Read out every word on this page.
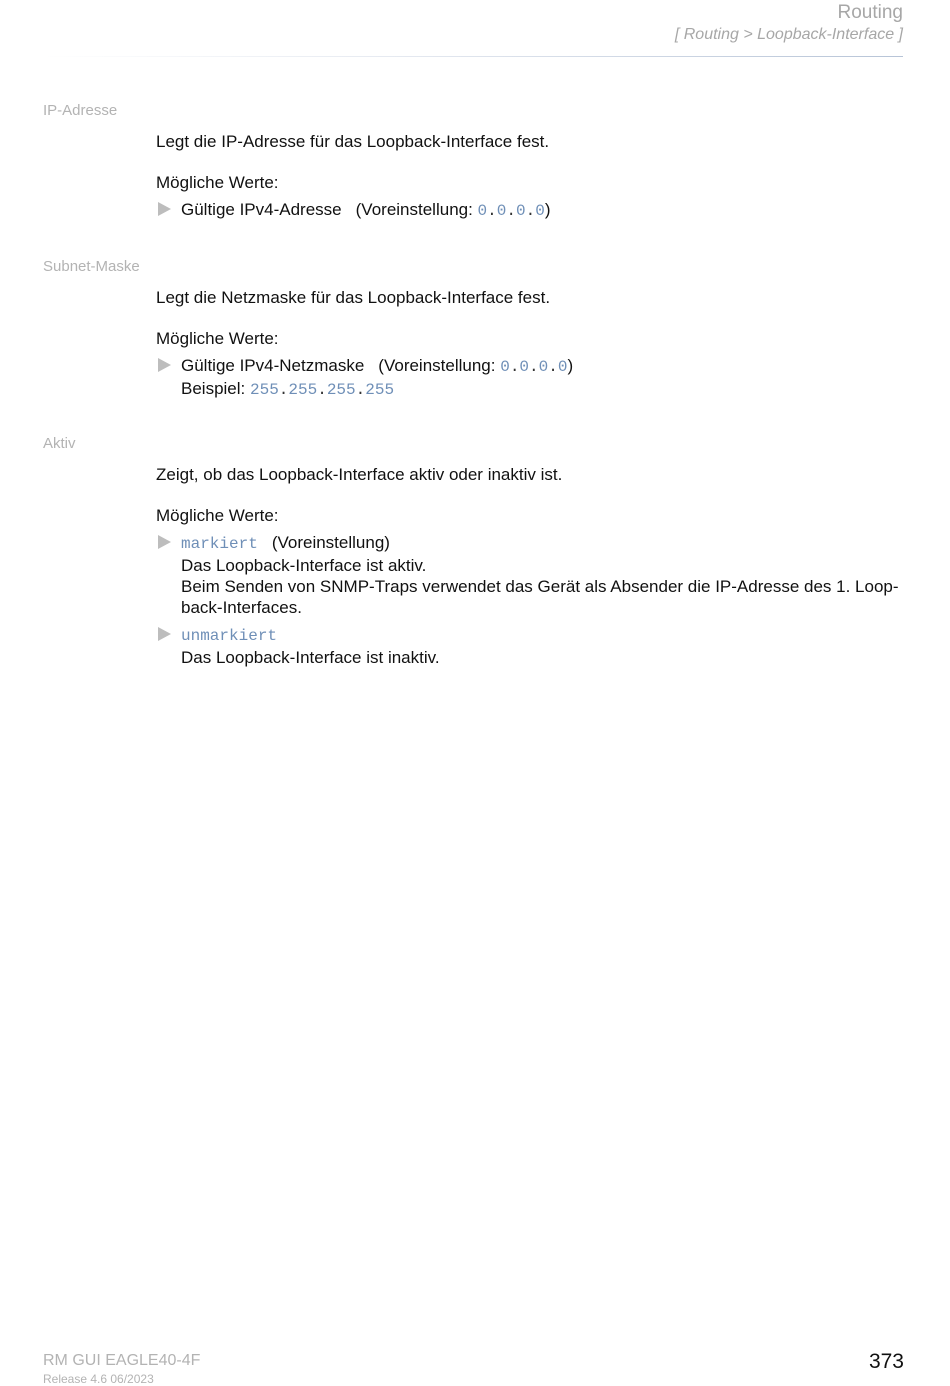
Routing
[ Routing > Loopback-Interface ]
IP-Adresse

Legt die IP-Adresse für das Loopback-Interface fest.

Mögliche Werte:

Gültige IPv4-Adresse (Voreinstellung: 0.0.0.0)
Subnet-Maske

Legt die Netzmaske für das Loopback-Interface fest.

Mögliche Werte:

Gültige IPv4-Netzmaske (Voreinstellung: 0.0.0.0)
Beispiel: 255.255.255.255
Aktiv

Zeigt, ob das Loopback-Interface aktiv oder inaktiv ist.

Mögliche Werte:

markiert (Voreinstellung)
Das Loopback-Interface ist aktiv.
Beim Senden von SNMP-Traps verwendet das Gerät als Absender die IP-Adresse des 1. Loop-
back-Interfaces.
unmarkiert
Das Loopback-Interface ist inaktiv.
RM GUI EAGLE40-4F
Release 4.6 06/2023
373
